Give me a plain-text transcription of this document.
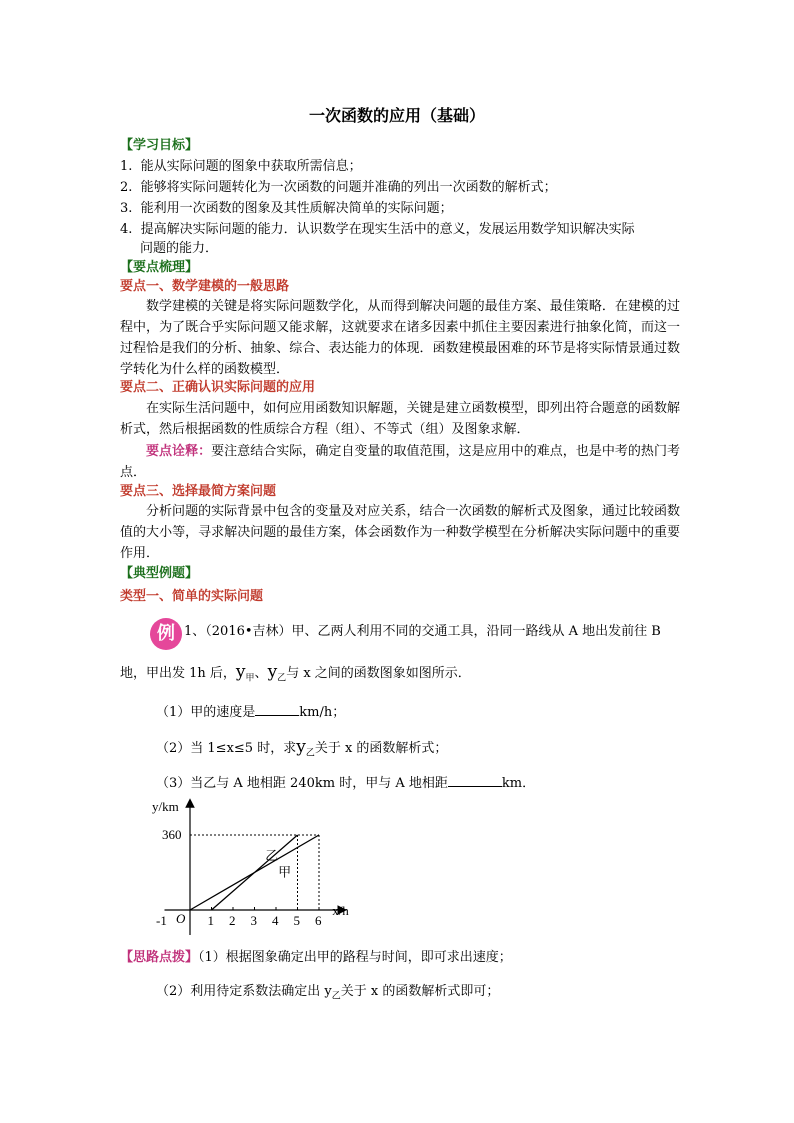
一次函数的应用（基础）
【学习目标】
1. 能从实际问题的图象中获取所需信息；
2. 能够将实际问题转化为一次函数的问题并准确的列出一次函数的解析式；
3. 能利用一次函数的图象及其性质解决简单的实际问题；
4. 提高解决实际问题的能力．认识数学在现实生活中的意义，发展运用数学知识解决实际
问题的能力．
【要点梳理】
要点一、数学建模的一般思路
数学建模的关键是将实际问题数学化，从而得到解决问题的最佳方案、最佳策略．在建模的过程中，为了既合乎实际问题又能求解，这就要求在诸多因素中抓住主要因素进行抽象化简，而这一过程恰是我们的分析、抽象、综合、表达能力的体现．函数建模最困难的环节是将实际情景通过数学转化为什么样的函数模型．
要点二、正确认识实际问题的应用
在实际生活问题中，如何应用函数知识解题，关键是建立函数模型，即列出符合题意的函数解析式，然后根据函数的性质综合方程（组）、不等式（组）及图象求解．
要点诠释：要注意结合实际，确定自变量的取值范围，这是应用中的难点，也是中考的热门考点．
要点三、选择最简方案问题
分析问题的实际背景中包含的变量及对应关系，结合一次函数的解析式及图象，通过比较函数值的大小等，寻求解决问题的最佳方案，体会函数作为一种数学模型在分析解决实际问题中的重要作用．
【典型例题】
类型一、简单的实际问题
例 1、（2016•吉林）甲、乙两人利用不同的交通工具，沿同一路线从 A 地出发前往 B
地，甲出发 1h 后，$y_甲$、$y_乙$与 x 之间的函数图象如图所示．
（1）甲的速度是	km/h；
（2）当 1≤x≤5 时，求$y_乙$关于 x 的函数解析式；
（3）当乙与 A 地相距 240km 时，甲与 A 地相距	km．
y/km
x/h
O
-1	1 2 3 4 5 6
360
乙
甲
【思路点拨】（1）根据图象确定出甲的路程与时间，即可求出速度；
（2）利用待定系数法确定出 $y_乙$关于 x 的函数解析式即可；
